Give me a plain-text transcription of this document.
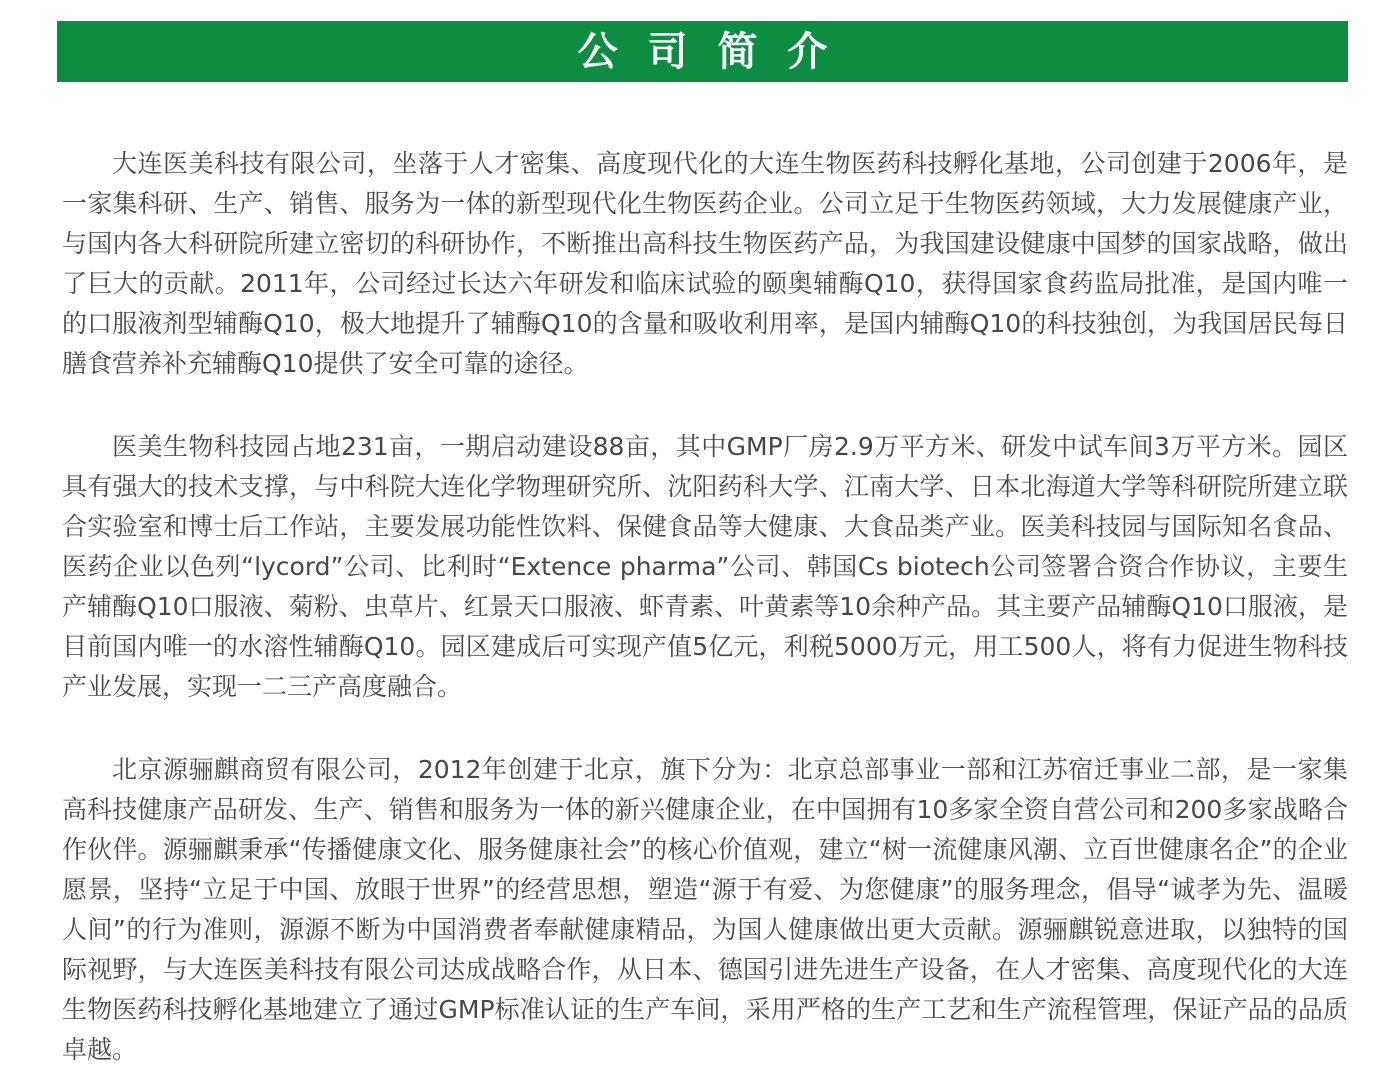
公 司 简 介

大连医美科技有限公司，坐落于人才密集、高度现代化的大连生物医药科技孵化基地，公司创建于2006年，是一家集科研、生产、销售、服务为一体的新型现代化生物医药企业。公司立足于生物医药领域，大力发展健康产业，与国内各大科研院所建立密切的科研协作，不断推出高科技生物医药产品，为我国建设健康中国梦的国家战略，做出了巨大的贡献。2011年，公司经过长达六年研发和临床试验的颐奥辅酶Q10，获得国家食药监局批准，是国内唯一的口服液剂型辅酶Q10，极大地提升了辅酶Q10的含量和吸收利用率，是国内辅酶Q10的科技独创，为我国居民每日膳食营养补充辅酶Q10提供了安全可靠的途径。

医美生物科技园占地231亩，一期启动建设88亩，其中GMP厂房2.9万平方米、研发中试车间3万平方米。园区具有强大的技术支撑，与中科院大连化学物理研究所、沈阳药科大学、江南大学、日本北海道大学等科研院所建立联合实验室和博士后工作站，主要发展功能性饮料、保健食品等大健康、大食品类产业。医美科技园与国际知名食品、医药企业以色列“lycord”公司、比利时“Extence pharma”公司、韩国Cs biotech公司签署合资合作协议，主要生产辅酶Q10口服液、菊粉、虫草片、红景天口服液、虾青素、叶黄素等10余种产品。其主要产品辅酶Q10口服液，是目前国内唯一的水溶性辅酶Q10。园区建成后可实现产值5亿元，利税5000万元，用工500人，将有力促进生物科技产业发展，实现一二三产高度融合。

北京源骊麒商贸有限公司，2012年创建于北京，旗下分为：北京总部事业一部和江苏宿迁事业二部，是一家集高科技健康产品研发、生产、销售和服务为一体的新兴健康企业，在中国拥有10多家全资自营公司和200多家战略合作伙伴。源骊麒秉承“传播健康文化、服务健康社会”的核心价值观，建立“树一流健康风潮、立百世健康名企”的企业愿景，坚持“立足于中国、放眼于世界”的经营思想，塑造“源于有爱、为您健康”的服务理念，倡导“诚孝为先、温暖人间”的行为准则，源源不断为中国消费者奉献健康精品，为国人健康做出更大贡献。源骊麒锐意进取，以独特的国际视野，与大连医美科技有限公司达成战略合作，从日本、德国引进先进生产设备，在人才密集、高度现代化的大连生物医药科技孵化基地建立了通过GMP标准认证的生产车间，采用严格的生产工艺和生产流程管理，保证产品的品质卓越。
